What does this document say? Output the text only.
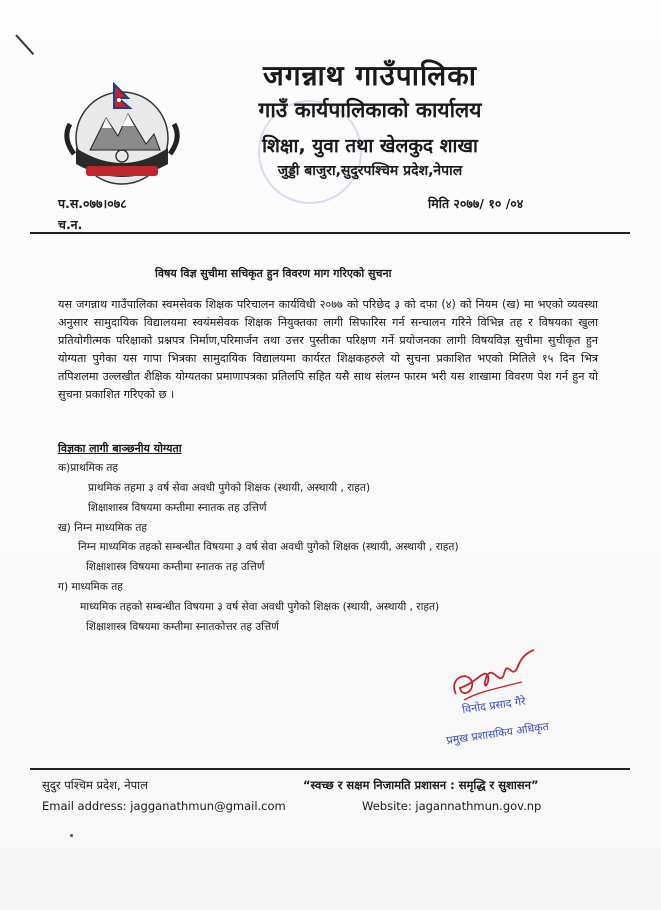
जगन्नाथ गाउँपालिका
गाउँ कार्यपालिकाको कार्यालय
शिक्षा, युवा तथा खेलकुद शाखा
जुड्डी बाजुरा,सुदुरपश्चिम प्रदेश,नेपाल
प.स.०७७।०७८
च.न.
मिति २०७७/ १० /०४
विषय विज्ञ सुचीमा सचिकृत हुन विवरण माग गरिएको सुचना
यस जगन्नाथ गाउँपालिका स्वमसेवक शिक्षक परिचालन कार्यविधी २०७७ को परिछेद ३ को दफा (४) को नियम (ख) मा भएको व्यवस्था अनुसार सामुदायिक विद्यालयमा स्वयंमसेवक शिक्षक नियुक्तका लागी सिफारिस गर्न सन्चालन गरिने विभिन्न तह र विषयका खुला प्रतियोगीत्मक परिक्षाको प्रश्नपत्र निर्माण,परिमार्जन तथा उत्तर पुस्तीका परिक्षण गर्ने प्रयोजनका लागी विषयविज्ञ सुचीमा सुचीकृत हुन योग्यता पुगेका यस गापा भित्रका सामुदायिक विद्यालयमा कार्यरत शिक्षकहरुले यो सुचना प्रकाशित भएको मितिले १५ दिन भित्र तपिशलमा उल्लखीत शैक्षिक योग्यतका प्रमाणापत्रका प्रतिलपि सहित यसै साथ संलग्न फारम भरी यस शाखामा विवरण पेश गर्न हुन यो सुचना प्रकाशित गरिएको छ ।
विज्ञका लागी बाञ्छनीय योग्यता
क)प्राथमिक तह
प्राथमिक तहमा ३ वर्ष सेवा अवधी पुगेको शिक्षक (स्थायी, अस्थायी , राहत)
शिक्षाशास्त्र विषयमा कम्तीमा स्नातक तह उत्तिर्ण
ख) निम्न माध्यमिक तह
निम्न माध्यमिक तहको सम्बन्धीत विषयमा ३ वर्ष सेवा अवधी पुगेको शिक्षक (स्थायी, अस्थायी , राहत)
शिक्षाशास्त्र विषयमा कम्तीमा स्नातक तह उत्तिर्ण
ग) माध्यमिक तह
माध्यमिक तहको सम्बन्धीत विषयमा ३ वर्ष सेवा अवधी पुगेको शिक्षक (स्थायी, अस्थायी , राहत)
शिक्षाशास्त्र विषयमा कम्तीमा स्नातकोत्तर तह उत्तिर्ण
विनोद प्रसाद गैरे
प्रमुख प्रशासकिय अधिकृत
सुदुर पश्चिम प्रदेश, नेपाल
Email address: jagganathmun@gmail.com
“स्वच्छ र सक्षम निजामति प्रशासन : समृद्धि र सुशासन”
Website: jagannathmun.gov.np
